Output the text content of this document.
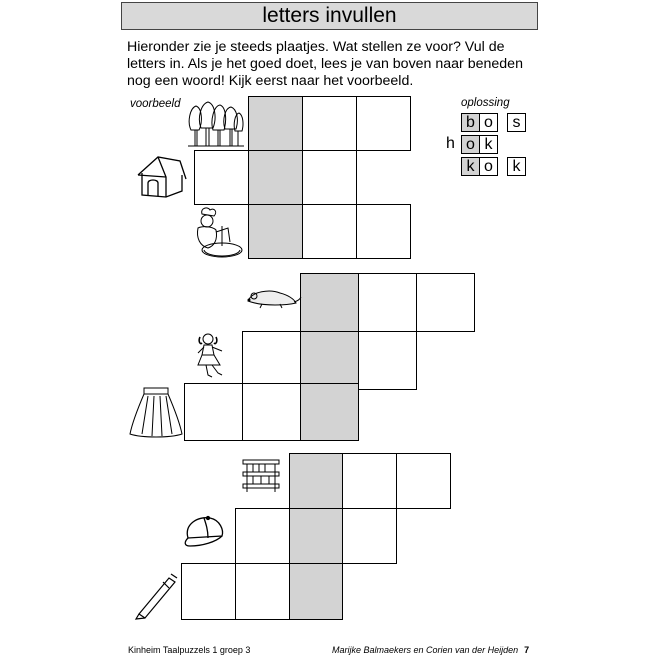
letters invullen
Hieronder zie je steeds plaatjes. Wat stellen ze voor? Vul de letters in. Als je het goed doet, lees je van boven naar beneden nog een woord! Kijk eerst naar het voorbeeld.
voorbeeld	oplossing
b o	s
h o k
k o	k
Kinheim Taalpuzzels 1 groep 3	Marijke Balmaekers en Corien van der Heijden 7
